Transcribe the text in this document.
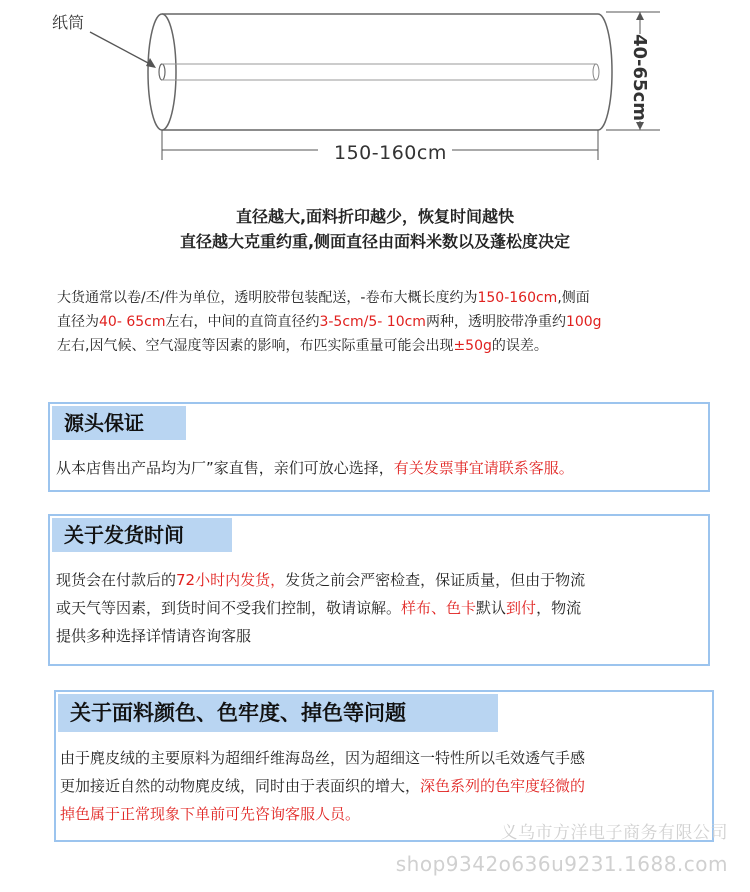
纸筒
150-160cm
40-65cm
直径越大,面料折印越少，恢复时间越快
直径越大克重约重,侧面直径由面料米数以及蓬松度决定
大货通常以卷/丕/件为单位，透明胶带包装配送，-卷布大概长度约为150-160cm,侧面
直径为40- 65cm左右，中间的直筒直径约3-5cm/5- 10cm两种，透明胶带净重约100g
左右,因气候、空气湿度等因素的影响，布匹实际重量可能会出现±50g的误差。
源头保证
从本店售出产品均为厂”家直售，亲们可放心选择，有关发票事宜请联系客服。
关于发货时间
现货会在付款后的72小时内发货，发货之前会严密检查，保证质量，但由于物流
或天气等因素，到货时间不受我们控制，敬请谅解。样布、色卡默认到付，物流
提供多种选择详情请咨询客服
关于面料颜色、色牢度、掉色等问题
由于麂皮绒的主要原料为超细纤维海岛丝，因为超细这一特性所以毛效透气手感
更加接近自然的动物麂皮绒，同时由于表面织的增大，深色系列的色牢度轻微的
掉色属于正常现象下单前可先咨询客服人员。
义乌市方洋电子商务有限公司
shop9342o636u9231.1688.com
